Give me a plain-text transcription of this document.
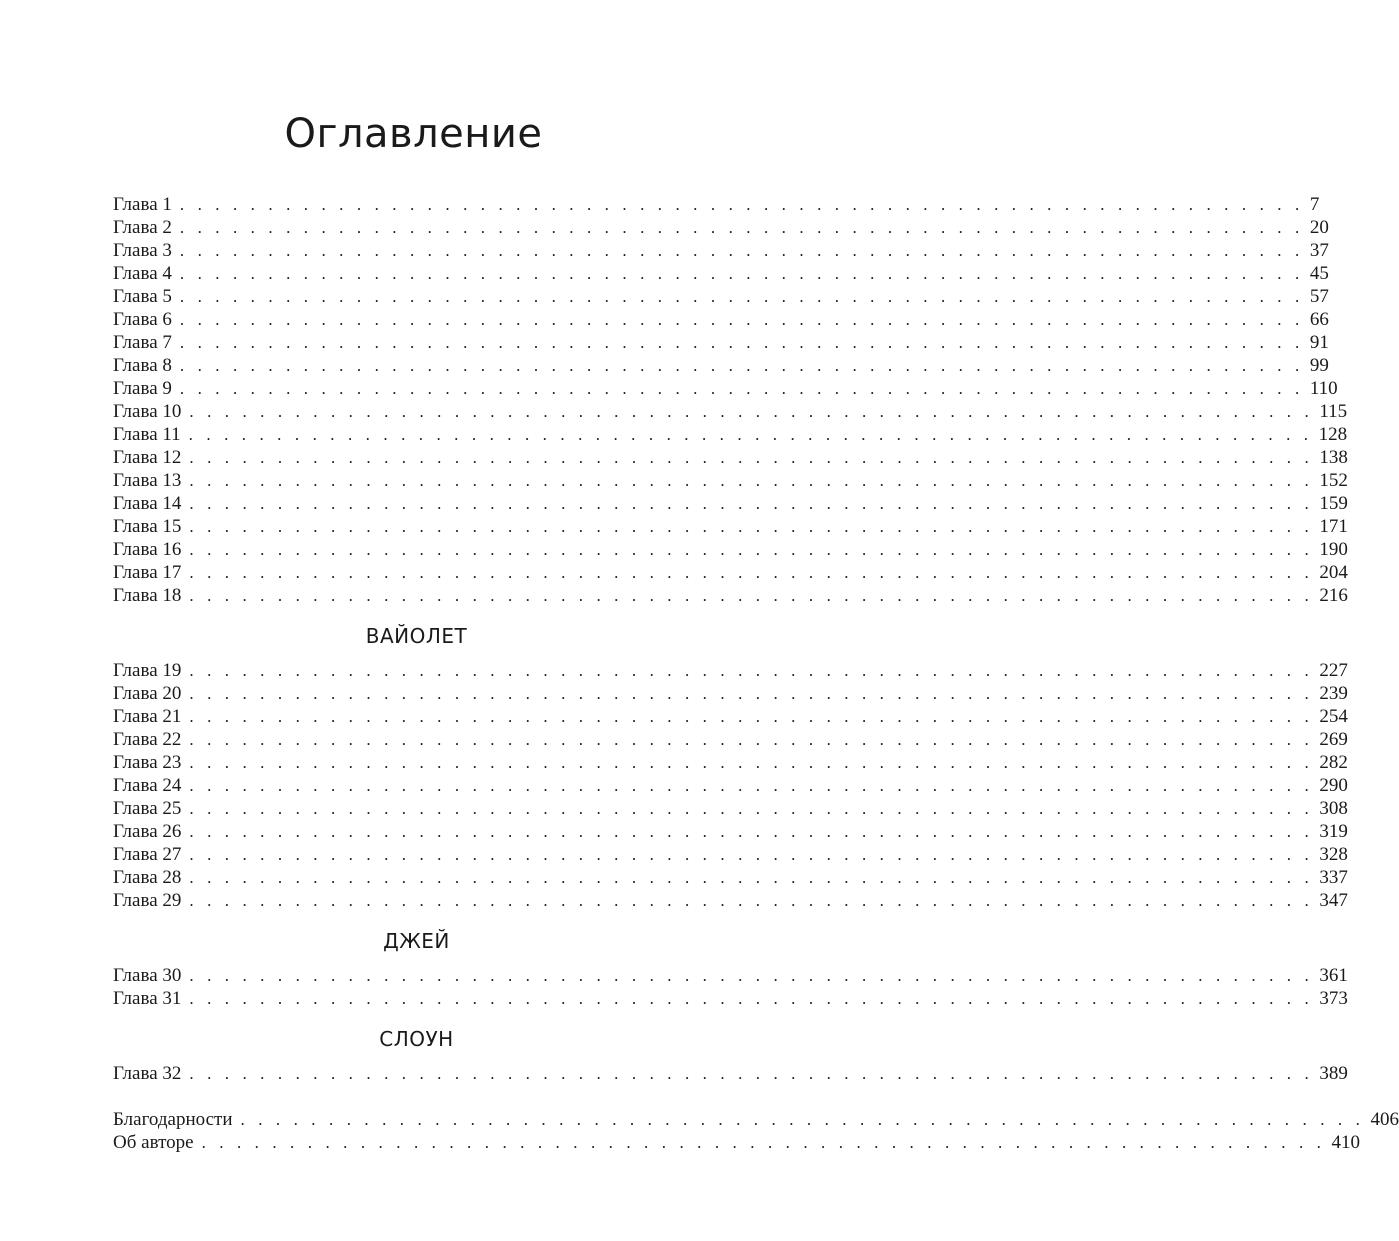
Оглавление
Глава 1 . . . . . . . . . . . . . . . . . . . . . . . . . . . . . . . . . . . . . . . . . . . . . . . . . . . . . . . . . . . . . . . . 7
Глава 2 . . . . . . . . . . . . . . . . . . . . . . . . . . . . . . . . . . . . . . . . . . . . . . . . . . . . . . . . . . . . . . . . 20
Глава 3 . . . . . . . . . . . . . . . . . . . . . . . . . . . . . . . . . . . . . . . . . . . . . . . . . . . . . . . . . . . . . . . . 37
Глава 4 . . . . . . . . . . . . . . . . . . . . . . . . . . . . . . . . . . . . . . . . . . . . . . . . . . . . . . . . . . . . . . . . 45
Глава 5 . . . . . . . . . . . . . . . . . . . . . . . . . . . . . . . . . . . . . . . . . . . . . . . . . . . . . . . . . . . . . . . . 57
Глава 6 . . . . . . . . . . . . . . . . . . . . . . . . . . . . . . . . . . . . . . . . . . . . . . . . . . . . . . . . . . . . . . . . 66
Глава 7 . . . . . . . . . . . . . . . . . . . . . . . . . . . . . . . . . . . . . . . . . . . . . . . . . . . . . . . . . . . . . . . . 91
Глава 8 . . . . . . . . . . . . . . . . . . . . . . . . . . . . . . . . . . . . . . . . . . . . . . . . . . . . . . . . . . . . . . . . 99
Глава 9 . . . . . . . . . . . . . . . . . . . . . . . . . . . . . . . . . . . . . . . . . . . . . . . . . . . . . . . . . . . . . . . . 110
Глава 10 . . . . . . . . . . . . . . . . . . . . . . . . . . . . . . . . . . . . . . . . . . . . . . . . . . . . . . . . . . . . . . . . 115
Глава 11 . . . . . . . . . . . . . . . . . . . . . . . . . . . . . . . . . . . . . . . . . . . . . . . . . . . . . . . . . . . . . . . . 128
Глава 12 . . . . . . . . . . . . . . . . . . . . . . . . . . . . . . . . . . . . . . . . . . . . . . . . . . . . . . . . . . . . . . . . 138
Глава 13 . . . . . . . . . . . . . . . . . . . . . . . . . . . . . . . . . . . . . . . . . . . . . . . . . . . . . . . . . . . . . . . . 152
Глава 14 . . . . . . . . . . . . . . . . . . . . . . . . . . . . . . . . . . . . . . . . . . . . . . . . . . . . . . . . . . . . . . . . 159
Глава 15 . . . . . . . . . . . . . . . . . . . . . . . . . . . . . . . . . . . . . . . . . . . . . . . . . . . . . . . . . . . . . . . . 171
Глава 16 . . . . . . . . . . . . . . . . . . . . . . . . . . . . . . . . . . . . . . . . . . . . . . . . . . . . . . . . . . . . . . . . 190
Глава 17 . . . . . . . . . . . . . . . . . . . . . . . . . . . . . . . . . . . . . . . . . . . . . . . . . . . . . . . . . . . . . . . . 204
Глава 18 . . . . . . . . . . . . . . . . . . . . . . . . . . . . . . . . . . . . . . . . . . . . . . . . . . . . . . . . . . . . . . . . 216
ВАЙОЛЕТ
Глава 19 . . . . . . . . . . . . . . . . . . . . . . . . . . . . . . . . . . . . . . . . . . . . . . . . . . . . . . . . . . . . . . . . 227
Глава 20 . . . . . . . . . . . . . . . . . . . . . . . . . . . . . . . . . . . . . . . . . . . . . . . . . . . . . . . . . . . . . . . . 239
Глава 21 . . . . . . . . . . . . . . . . . . . . . . . . . . . . . . . . . . . . . . . . . . . . . . . . . . . . . . . . . . . . . . . . 254
Глава 22 . . . . . . . . . . . . . . . . . . . . . . . . . . . . . . . . . . . . . . . . . . . . . . . . . . . . . . . . . . . . . . . . 269
Глава 23 . . . . . . . . . . . . . . . . . . . . . . . . . . . . . . . . . . . . . . . . . . . . . . . . . . . . . . . . . . . . . . . . 282
Глава 24 . . . . . . . . . . . . . . . . . . . . . . . . . . . . . . . . . . . . . . . . . . . . . . . . . . . . . . . . . . . . . . . . 290
Глава 25 . . . . . . . . . . . . . . . . . . . . . . . . . . . . . . . . . . . . . . . . . . . . . . . . . . . . . . . . . . . . . . . . 308
Глава 26 . . . . . . . . . . . . . . . . . . . . . . . . . . . . . . . . . . . . . . . . . . . . . . . . . . . . . . . . . . . . . . . . 319
Глава 27 . . . . . . . . . . . . . . . . . . . . . . . . . . . . . . . . . . . . . . . . . . . . . . . . . . . . . . . . . . . . . . . . 328
Глава 28 . . . . . . . . . . . . . . . . . . . . . . . . . . . . . . . . . . . . . . . . . . . . . . . . . . . . . . . . . . . . . . . . 337
Глава 29 . . . . . . . . . . . . . . . . . . . . . . . . . . . . . . . . . . . . . . . . . . . . . . . . . . . . . . . . . . . . . . . . 347
ДЖЕЙ
Глава 30 . . . . . . . . . . . . . . . . . . . . . . . . . . . . . . . . . . . . . . . . . . . . . . . . . . . . . . . . . . . . . . . . 361
Глава 31 . . . . . . . . . . . . . . . . . . . . . . . . . . . . . . . . . . . . . . . . . . . . . . . . . . . . . . . . . . . . . . . . 373
СЛОУН
Глава 32 . . . . . . . . . . . . . . . . . . . . . . . . . . . . . . . . . . . . . . . . . . . . . . . . . . . . . . . . . . . . . . . . 389
Благодарности . . . . . . . . . . . . . . . . . . . . . . . . . . . . . . . . . . . . . . . . . . . . . . . . . . . . . . . . . . . . . . . . 406
Об авторе . . . . . . . . . . . . . . . . . . . . . . . . . . . . . . . . . . . . . . . . . . . . . . . . . . . . . . . . . . . . . . . . 410
